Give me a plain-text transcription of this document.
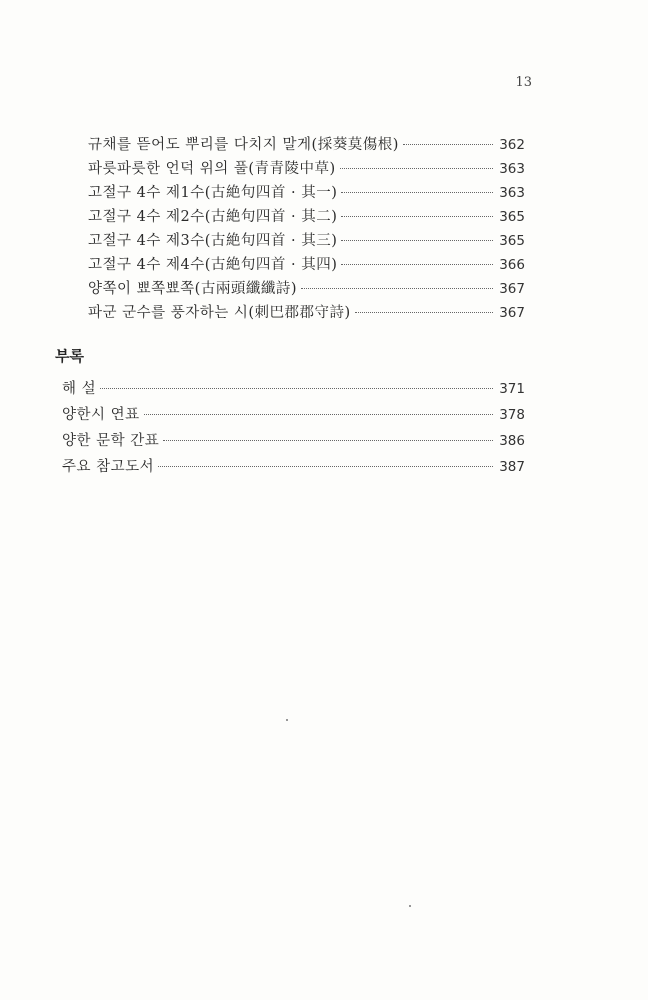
13
규채를 뜯어도 뿌리를 다치지 말게(採葵莫傷根)	362
파릇파릇한 언덕 위의 풀(青青陵中草)	363
고절구 4수 제1수(古絶句四首 · 其一)	363
고절구 4수 제2수(古絶句四首 · 其二)	365
고절구 4수 제3수(古絶句四首 · 其三)	365
고절구 4수 제4수(古絶句四首 · 其四)	366
양쪽이 뾰쪽뾰쪽(古兩頭纖纖詩)	367
파군 군수를 풍자하는 시(刺巴郡郡守詩)	367
부록
해 설	371
양한시 연표	378
양한 문학 간표	386
주요 참고도서	387
